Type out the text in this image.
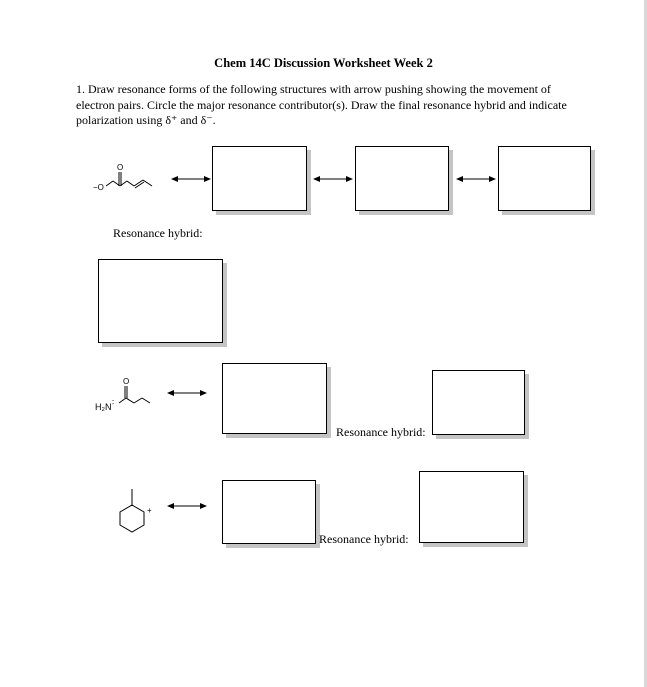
Chem 14C Discussion Worksheet Week 2
1. Draw resonance forms of the following structures with arrow pushing showing the movement of electron pairs. Circle the major resonance contributor(s). Draw the final resonance hybrid and indicate polarization using δ⁺ and δ⁻.
O
−O
Resonance hybrid:
O
H₂N ∶
Resonance hybrid:
+
Resonance hybrid:
